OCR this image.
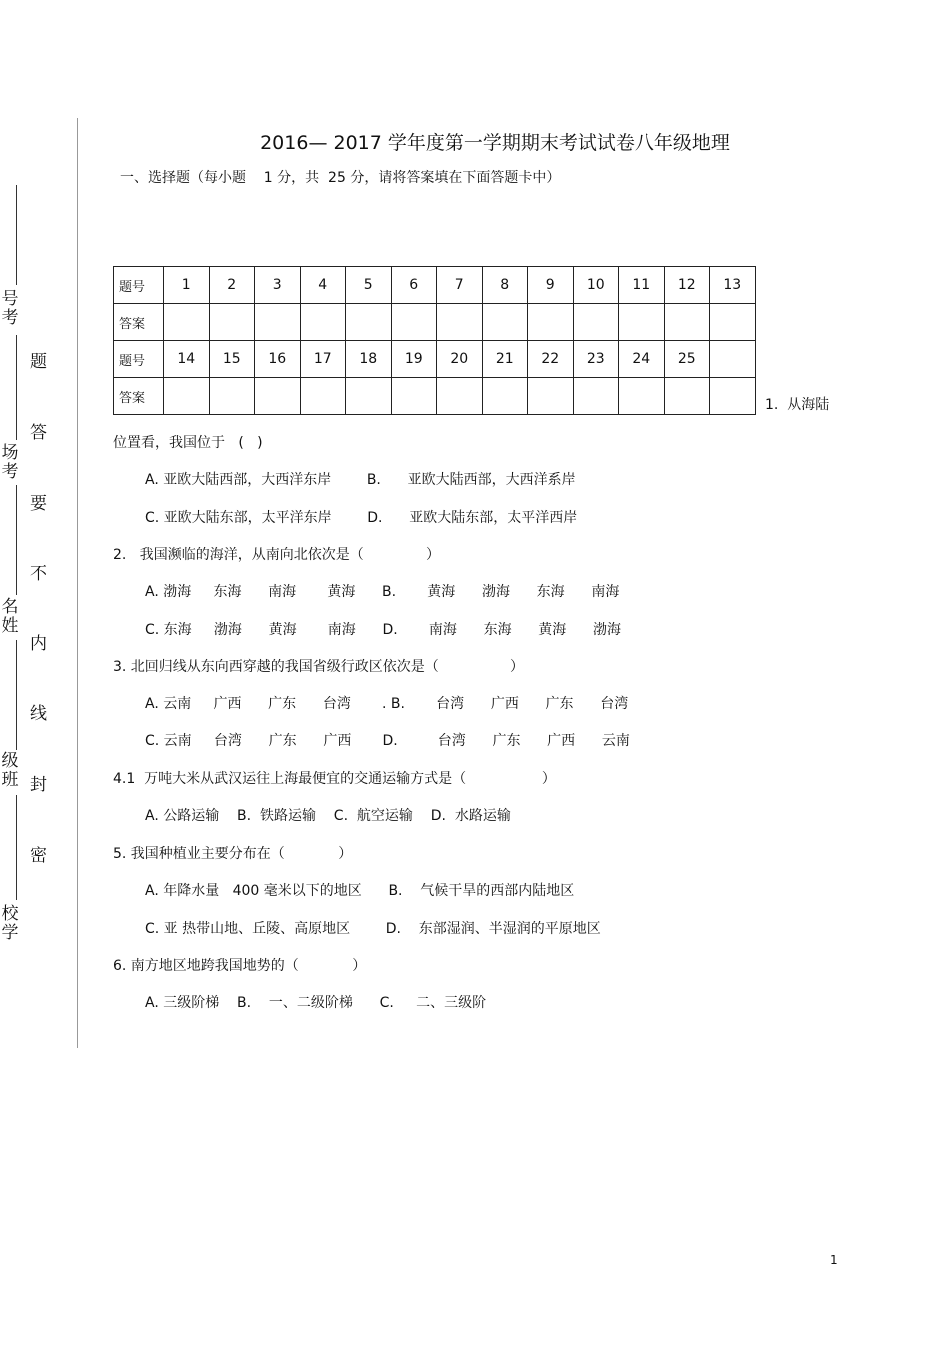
号
考
场
考
名
姓
级
班
校
学
题
答
要
不
内
线
封
密
2016— 2017 学年度第一学期期末考试试卷八年级地理
一、选择题（每小题    1 分，共  25 分，请将答案填在下面答题卡中）
题号	1	2	3	4	5	6	7	8	9	10	11	12	13
答案													
题号	14	15	16	17	18	19	20	21	22	23	24	25	
答案														1.  从海陆
位置看，我国位于   (   )
A. 亚欧大陆西部，大西洋东岸        B.      亚欧大陆西部，大西洋系岸
C. 亚欧大陆东部，太平洋东岸        D.      亚欧大陆东部，太平洋西岸
2.   我国濒临的海洋，从南向北依次是（              ）
A. 渤海     东海      南海       黄海      B.       黄海      渤海      东海      南海
C. 东海     渤海      黄海       南海      D.       南海      东海      黄海      渤海
3. 北回归线从东向西穿越的我国省级行政区依次是（                ）
A. 云南     广西      广东      台湾       . B.       台湾      广西      广东      台湾
C. 云南     台湾      广东      广西       D.         台湾      广东      广西      云南
4.1  万吨大米从武汉运往上海最便宜的交通运输方式是（                 ）
A. 公路运输    B.  铁路运输    C.  航空运输    D.  水路运输
5. 我国种植业主要分布在（            ）
A. 年降水量   400 毫米以下的地区      B.    气候干旱的西部内陆地区
C. 亚 热带山地、丘陵、高原地区        D.    东部湿润、半湿润的平原地区
6. 南方地区地跨我国地势的（            ）
A. 三级阶梯    B.    一、二级阶梯      C.     二、三级阶
1
